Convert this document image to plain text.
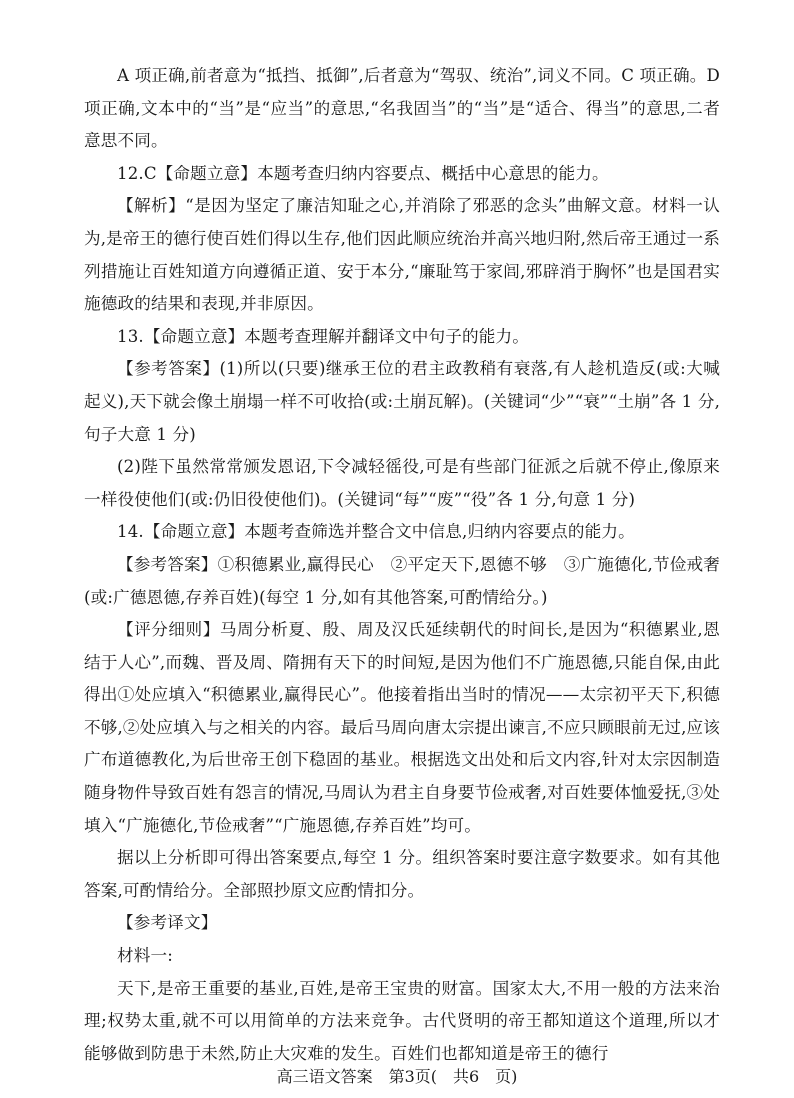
A 项正确,前者意为“抵挡、抵御”,后者意为“驾驭、统治”,词义不同。C 项正确。D 项正确,文本中的“当”是“应当”的意思,“名我固当”的“当”是“适合、得当”的意思,二者意思不同。

12.C【命题立意】本题考查归纳内容要点、概括中心意思的能力。

【解析】“是因为坚定了廉洁知耻之心,并消除了邪恶的念头”曲解文意。材料一认为,是帝王的德行使百姓们得以生存,他们因此顺应统治并高兴地归附,然后帝王通过一系列措施让百姓知道方向遵循正道、安于本分,“廉耻笃于家闾,邪辟消于胸怀”也是国君实施德政的结果和表现,并非原因。

13.【命题立意】本题考查理解并翻译文中句子的能力。

【参考答案】(1)所以(只要)继承王位的君主政教稍有衰落,有人趁机造反(或:大喊起义),天下就会像土崩塌一样不可收拾(或:土崩瓦解)。(关键词“少”“衰”“土崩”各 1 分,句子大意 1 分)

(2)陛下虽然常常颁发恩诏,下令减轻徭役,可是有些部门征派之后就不停止,像原来一样役使他们(或:仍旧役使他们)。(关键词“每”“废”“役”各 1 分,句意 1 分)

14.【命题立意】本题考查筛选并整合文中信息,归纳内容要点的能力。

【参考答案】①积德累业,赢得民心　②平定天下,恩德不够　③广施德化,节俭戒奢(或:广德恩德,存养百姓)(每空 1 分,如有其他答案,可酌情给分。)

【评分细则】马周分析夏、殷、周及汉氏延续朝代的时间长,是因为“积德累业,恩结于人心”,而魏、晋及周、隋拥有天下的时间短,是因为他们不广施恩德,只能自保,由此得出①处应填入“积德累业,赢得民心”。他接着指出当时的情况——太宗初平天下,积德不够,②处应填入与之相关的内容。最后马周向唐太宗提出谏言,不应只顾眼前无过,应该广布道德教化,为后世帝王创下稳固的基业。根据选文出处和后文内容,针对太宗因制造随身物件导致百姓有怨言的情况,马周认为君主自身要节俭戒奢,对百姓要体恤爱抚,③处填入“广施德化,节俭戒奢”“广施恩德,存养百姓”均可。

据以上分析即可得出答案要点,每空 1 分。组织答案时要注意字数要求。如有其他答案,可酌情给分。全部照抄原文应酌情扣分。

【参考译文】

材料一:

天下,是帝王重要的基业,百姓,是帝王宝贵的财富。国家太大,不用一般的方法来治理;权势太重,就不可以用简单的方法来竞争。古代贤明的帝王都知道这个道理,所以才能够做到防患于未然,防止大灾难的发生。百姓们也都知道是帝王的德行

高三语文答案　第3页(　共6　页)
